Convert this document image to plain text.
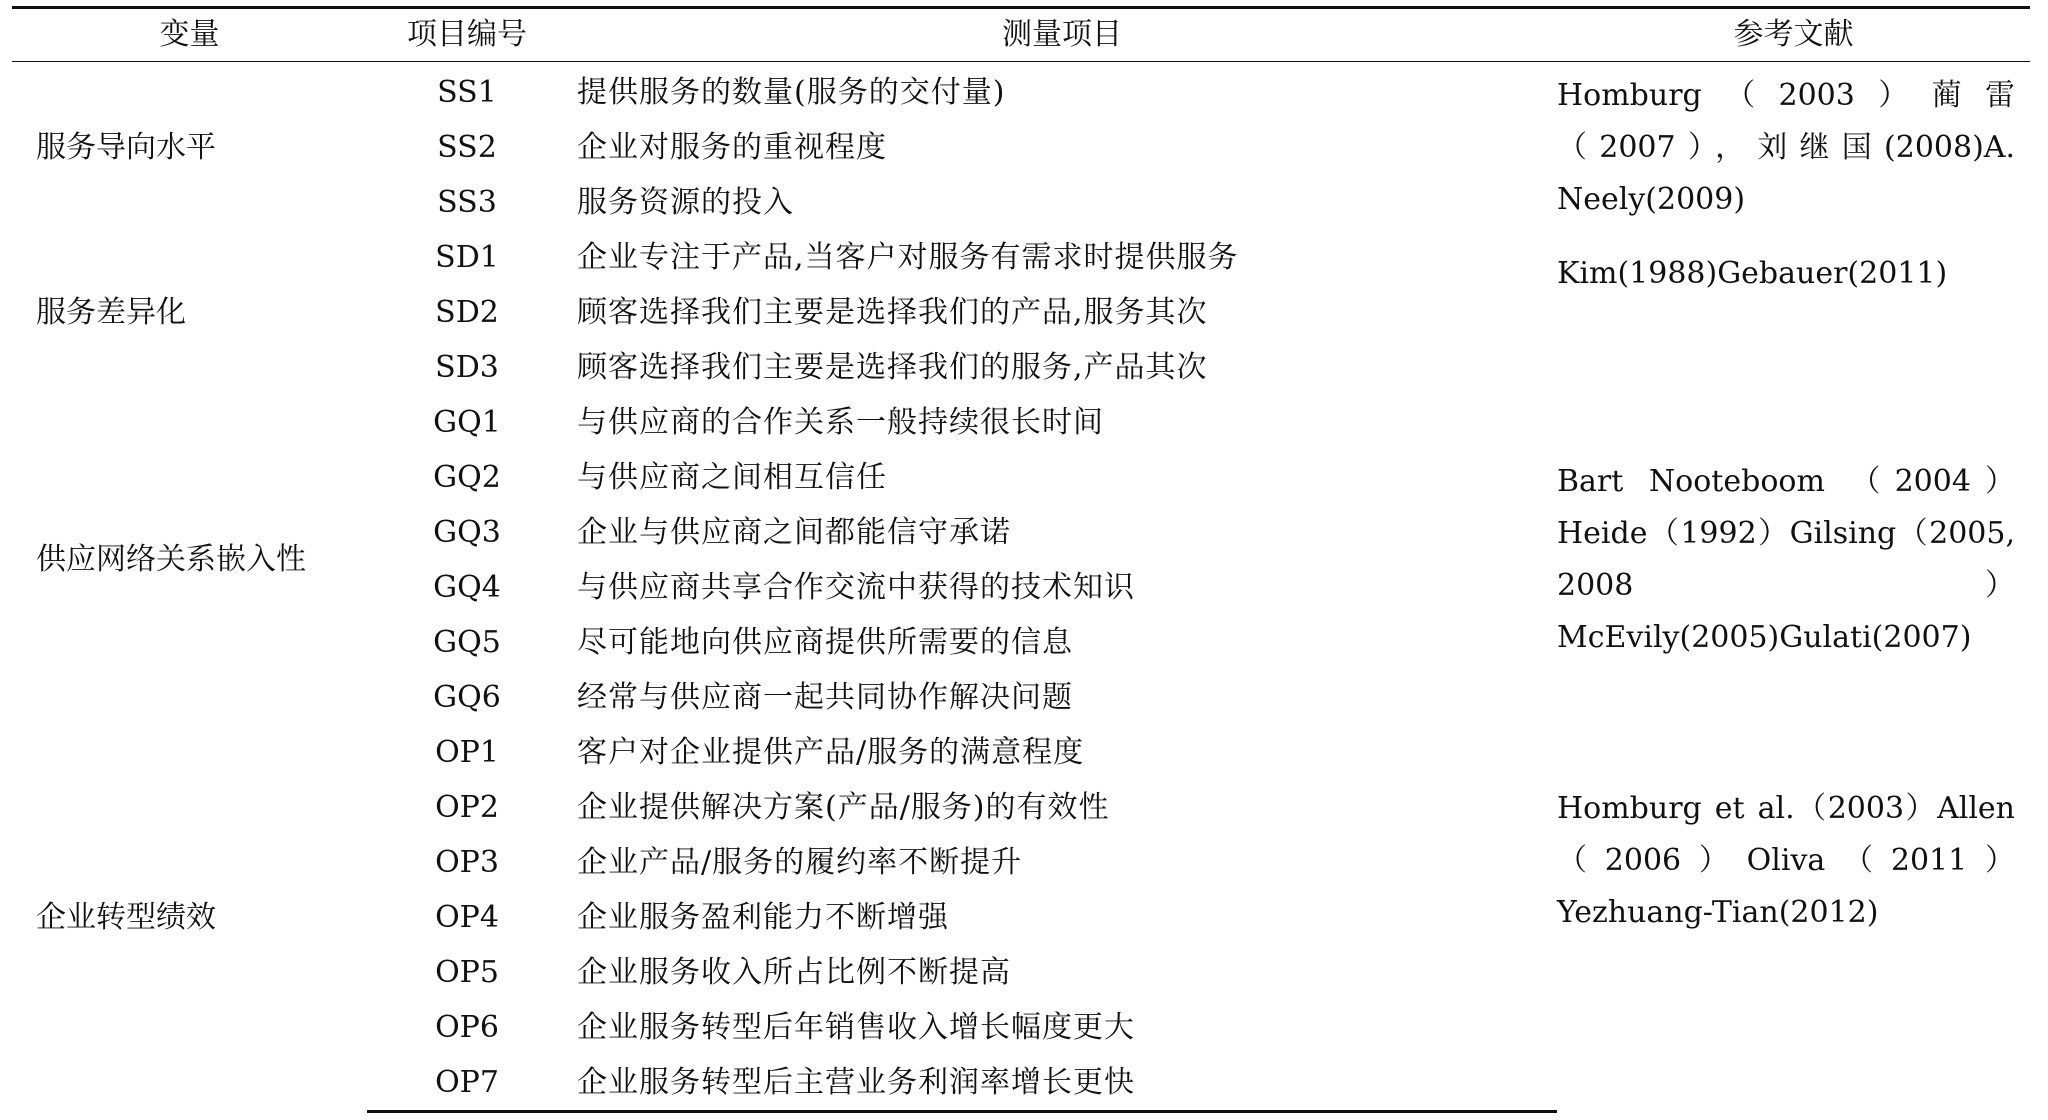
变量	项目编号	测量项目	参考文献
服务导向水平	SS1	提供服务的数量(服务的交付量)	Homburg（2003）蔺雷（2007），刘继国(2008)A. Neely(2009)

	SS2	企业对服务的重视程度	
	SS3	服务资源的投入	
服务差异化	SD1	企业专注于产品,当客户对服务有需求时提供服务	Kim(1988)Gebauer(2011)

	SD2	顾客选择我们主要是选择我们的产品,服务其次	
	SD3	顾客选择我们主要是选择我们的服务,产品其次	
供应网络关系嵌入性	GQ1	与供应商的合作关系一般持续很长时间	Bart Nooteboom （2004）Heide（1992）Gilsing（2005, 2008）McEvily(2005)Gulati(2007)

	GQ2	与供应商之间相互信任	
	GQ3	企业与供应商之间都能信守承诺	
	GQ4	与供应商共享合作交流中获得的技术知识	
	GQ5	尽可能地向供应商提供所需要的信息	
	GQ6	经常与供应商一起共同协作解决问题	
企业转型绩效	OP1	客户对企业提供产品/服务的满意程度	Homburg et al.（2003）Allen（2006）Oliva（2011）Yezhuang-Tian(2012)

	OP2	企业提供解决方案(产品/服务)的有效性	
	OP3	企业产品/服务的履约率不断提升	
	OP4	企业服务盈利能力不断增强	
	OP5	企业服务收入所占比例不断提高	
	OP6	企业服务转型后年销售收入增长幅度更大	
	OP7	企业服务转型后主营业务利润率增长更快	
